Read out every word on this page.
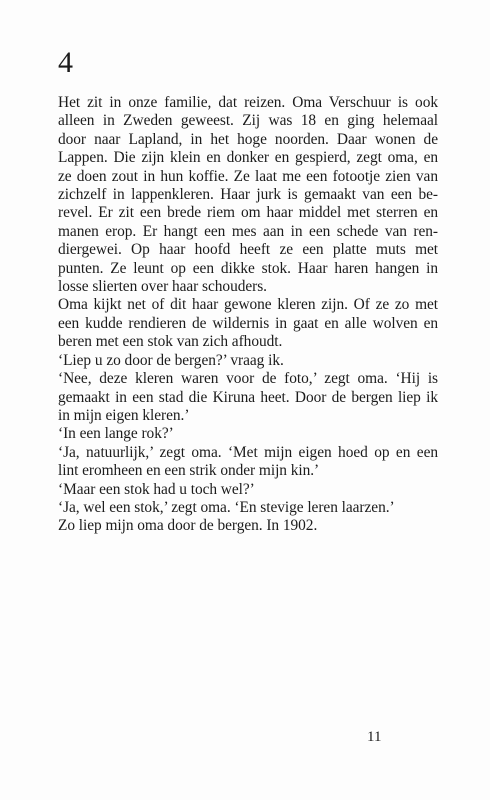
4
Het zit in onze familie, dat reizen. Oma Verschuur is ook
alleen in Zweden geweest. Zij was 18 en ging helemaal
door naar Lapland, in het hoge noorden. Daar wonen de
Lappen. Die zijn klein en donker en gespierd, zegt oma, en
ze doen zout in hun koffie. Ze laat me een fotootje zien van
zichzelf in lappenkleren. Haar jurk is gemaakt van een be-
revel. Er zit een brede riem om haar middel met sterren en
manen erop. Er hangt een mes aan in een schede van ren-
diergewei. Op haar hoofd heeft ze een platte muts met
punten. Ze leunt op een dikke stok. Haar haren hangen in
losse slierten over haar schouders.
Oma kijkt net of dit haar gewone kleren zijn. Of ze zo met
een kudde rendieren de wildernis in gaat en alle wolven en
beren met een stok van zich afhoudt.
‘Liep u zo door de bergen?’ vraag ik.
‘Nee, deze kleren waren voor de foto,’ zegt oma. ‘Hij is
gemaakt in een stad die Kiruna heet. Door de bergen liep ik
in mijn eigen kleren.’
‘In een lange rok?’
‘Ja, natuurlijk,’ zegt oma. ‘Met mijn eigen hoed op en een
lint eromheen en een strik onder mijn kin.’
‘Maar een stok had u toch wel?’
‘Ja, wel een stok,’ zegt oma. ‘En stevige leren laarzen.’
Zo liep mijn oma door de bergen. In 1902.
11
